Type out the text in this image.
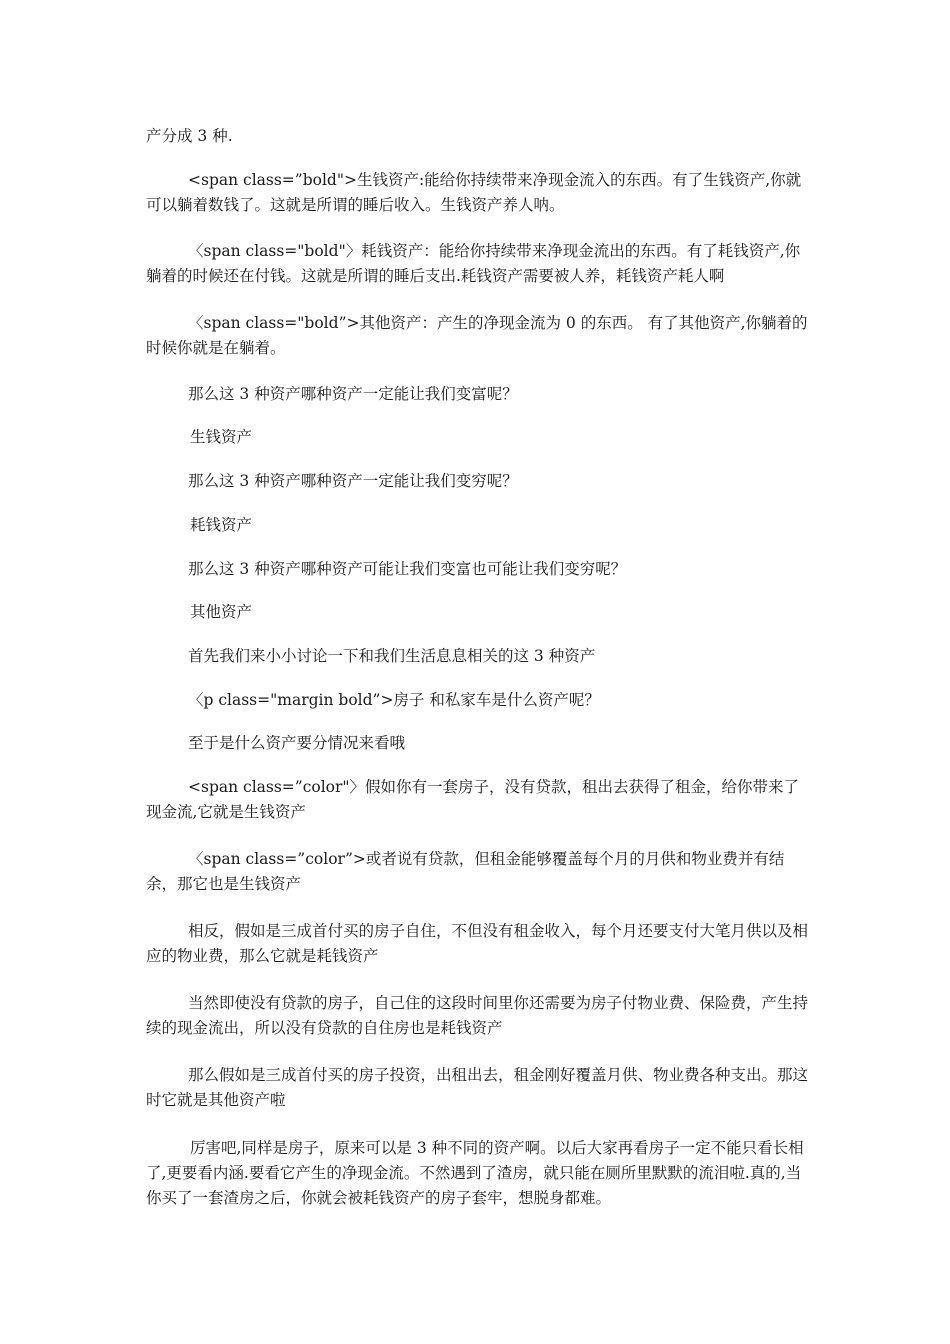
产分成 3 种.

<span class=”bold">生钱资产:能给你持续带来净现金流入的东西。有了生钱资产,你就可以躺着数钱了。这就是所谓的睡后收入。生钱资产养人呐。

〈span class="bold"〉耗钱资产：能给你持续带来净现金流出的东西。有了耗钱资产,你躺着的时候还在付钱。这就是所谓的睡后支出.耗钱资产需要被人养，耗钱资产耗人啊

〈span class="bold”>其他资产：产生的净现金流为 0 的东西。 有了其他资产,你躺着的时候你就是在躺着。

那么这 3 种资产哪种资产一定能让我们变富呢？

生钱资产

那么这 3 种资产哪种资产一定能让我们变穷呢？

耗钱资产

那么这 3 种资产哪种资产可能让我们变富也可能让我们变穷呢？

其他资产

首先我们来小小讨论一下和我们生活息息相关的这 3 种资产

〈p class="margin bold”>房子 和私家车是什么资产呢？

至于是什么资产要分情况来看哦

<span class=”color"〉假如你有一套房子，没有贷款，租出去获得了租金，给你带来了现金流,它就是生钱资产

〈span class=”color”>或者说有贷款，但租金能够覆盖每个月的月供和物业费并有结余，那它也是生钱资产

相反，假如是三成首付买的房子自住，不但没有租金收入，每个月还要支付大笔月供以及相应的物业费，那么它就是耗钱资产

当然即使没有贷款的房子，自己住的这段时间里你还需要为房子付物业费、保险费，产生持续的现金流出，所以没有贷款的自住房也是耗钱资产

那么假如是三成首付买的房子投资，出租出去，租金刚好覆盖月供、物业费各种支出。那这时它就是其他资产啦

厉害吧,同样是房子，原来可以是 3 种不同的资产啊。以后大家再看房子一定不能只看长相了,更要看内涵.要看它产生的净现金流。不然遇到了渣房，就只能在厕所里默默的流泪啦.真的,当你买了一套渣房之后，你就会被耗钱资产的房子套牢，想脱身都难。
